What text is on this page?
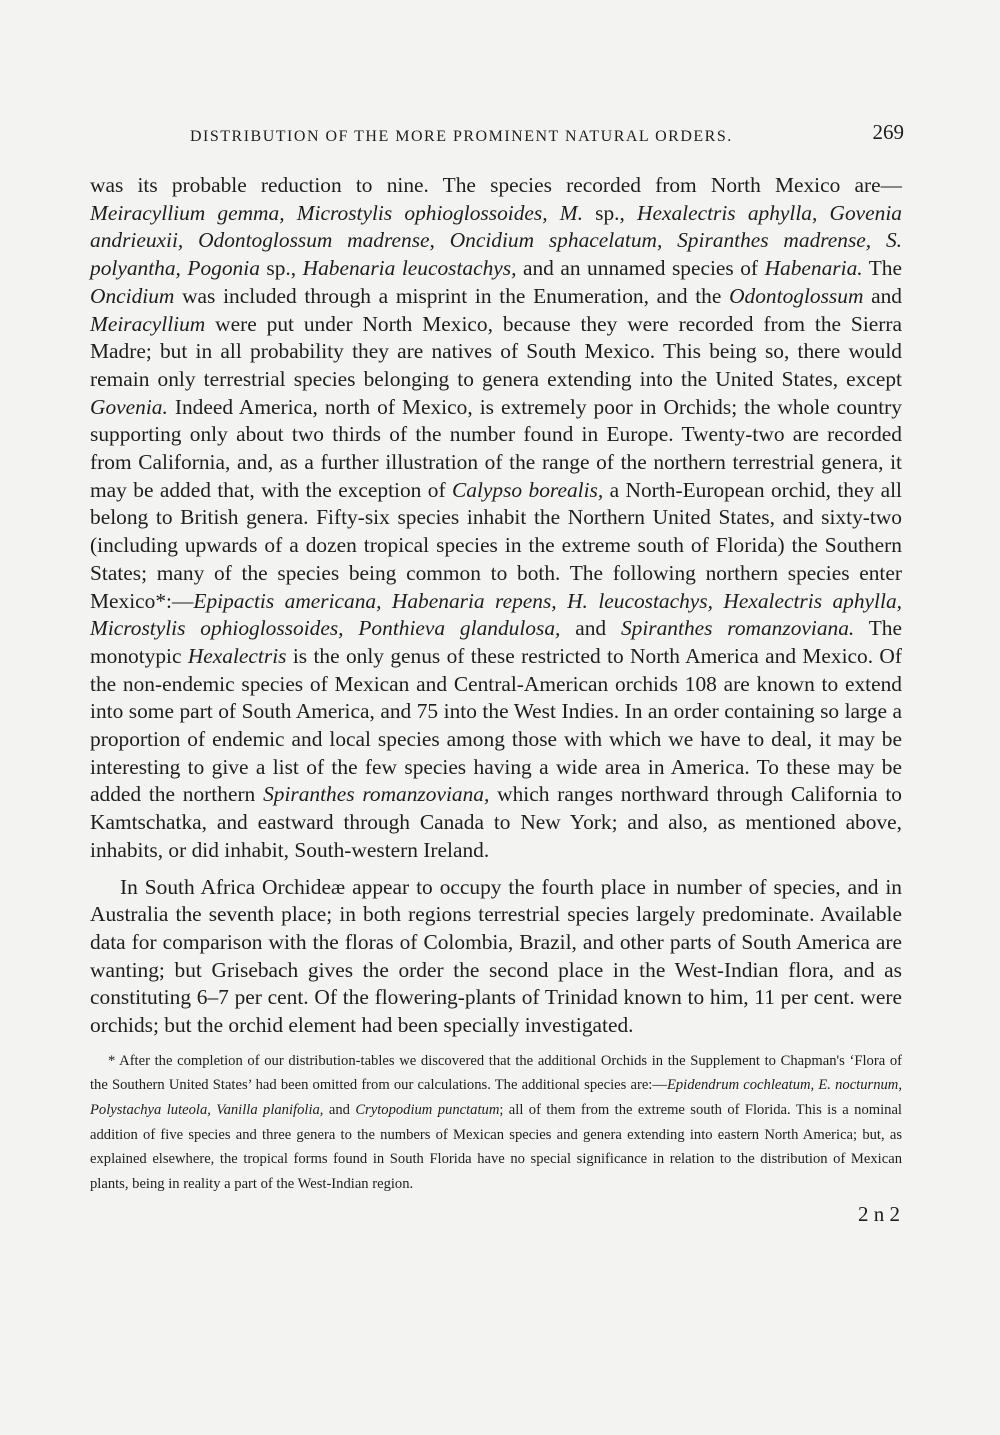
DISTRIBUTION OF THE MORE PROMINENT NATURAL ORDERS.	269

was its probable reduction to nine. The species recorded from North Mexico are— Meiracyllium gemma, Microstylis ophioglossoides, M. sp., Hexalectris aphylla, Govenia andrieuxii, Odontoglossum madrense, Oncidium sphacelatum, Spiranthes madrense, S. polyantha, Pogonia sp., Habenaria leucostachys, and an unnamed species of Habenaria. The Oncidium was included through a misprint in the Enumeration, and the Odontoglossum and Meiracyllium were put under North Mexico, because they were recorded from the Sierra Madre; but in all probability they are natives of South Mexico. This being so, there would remain only terrestrial species belonging to genera extending into the United States, except Govenia. Indeed America, north of Mexico, is extremely poor in Orchids; the whole country supporting only about two thirds of the number found in Europe. Twenty-two are recorded from California, and, as a further illustration of the range of the northern terrestrial genera, it may be added that, with the exception of Calypso borealis, a North-European orchid, they all belong to British genera. Fifty-six species inhabit the Northern United States, and sixty-two (including upwards of a dozen tropical species in the extreme south of Florida) the Southern States; many of the species being common to both. The following northern species enter Mexico*:—Epipactis americana, Habenaria repens, H. leucostachys, Hexalectris aphylla, Microstylis ophioglossoides, Ponthieva glandulosa, and Spiranthes romanzoviana. The monotypic Hexalectris is the only genus of these restricted to North America and Mexico. Of the non-endemic species of Mexican and Central-American orchids 108 are known to extend into some part of South America, and 75 into the West Indies. In an order containing so large a proportion of endemic and local species among those with which we have to deal, it may be interesting to give a list of the few species having a wide area in America. To these may be added the northern Spiranthes romanzoviana, which ranges northward through California to Kamtschatka, and eastward through Canada to New York; and also, as mentioned above, inhabits, or did inhabit, South-western Ireland.

In South Africa Orchideæ appear to occupy the fourth place in number of species, and in Australia the seventh place; in both regions terrestrial species largely predominate. Available data for comparison with the floras of Colombia, Brazil, and other parts of South America are wanting; but Grisebach gives the order the second place in the West-Indian flora, and as constituting 6–7 per cent. Of the flowering-plants of Trinidad known to him, 11 per cent. were orchids; but the orchid element had been specially investigated.

* After the completion of our distribution-tables we discovered that the additional Orchids in the Supplement to Chapman's ‘Flora of the Southern United States’ had been omitted from our calculations. The additional species are:—Epidendrum cochleatum, E. nocturnum, Polystachya luteola, Vanilla planifolia, and Crytopodium punctatum; all of them from the extreme south of Florida. This is a nominal addition of five species and three genera to the numbers of Mexican species and genera extending into eastern North America; but, as explained elsewhere, the tropical forms found in South Florida have no special significance in relation to the distribution of Mexican plants, being in reality a part of the West-Indian region.
2 n 2
